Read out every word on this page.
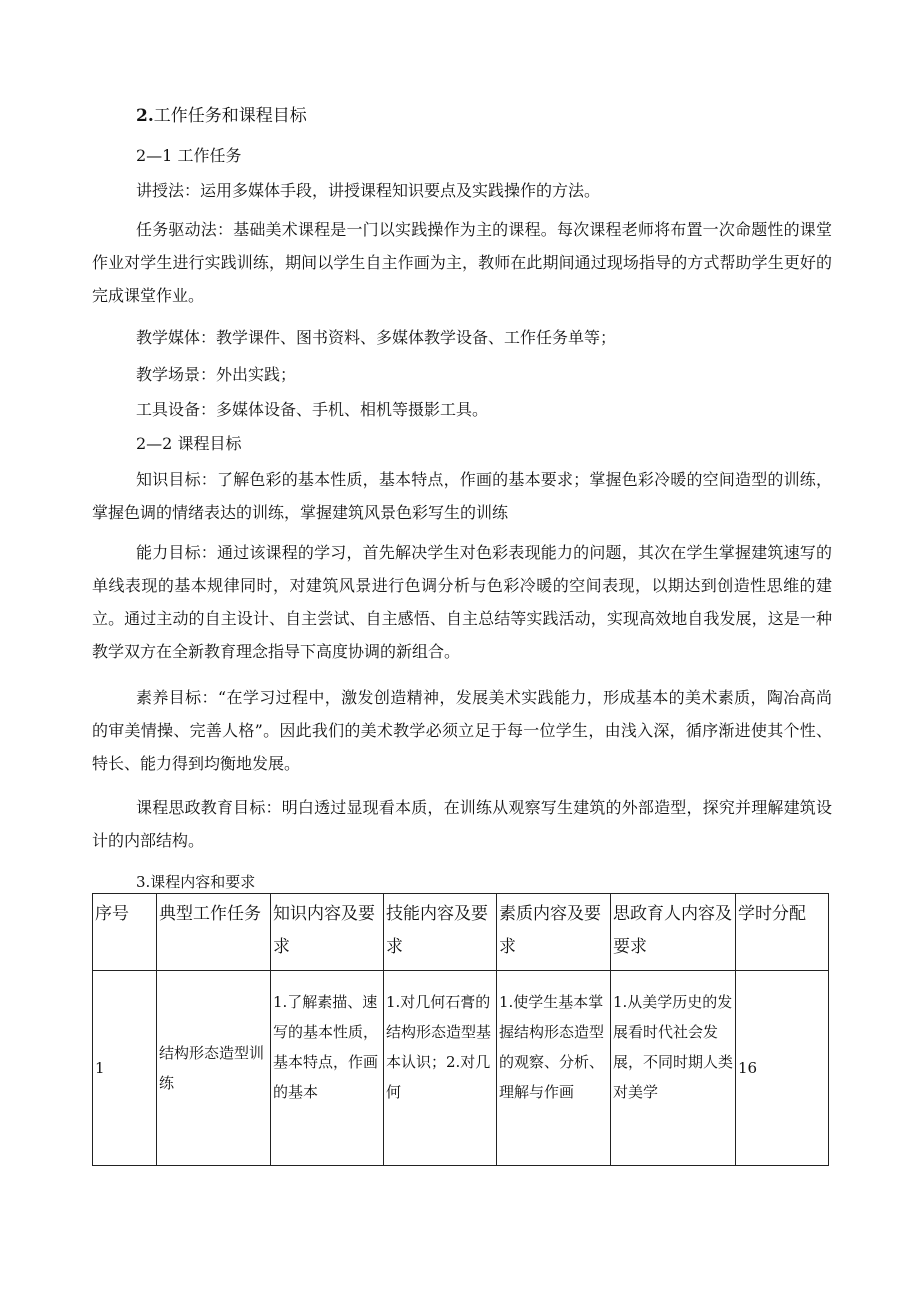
2.工作任务和课程目标
2—1 工作任务
讲授法：运用多媒体手段，讲授课程知识要点及实践操作的方法。
任务驱动法：基础美术课程是一门以实践操作为主的课程。每次课程老师将布置一次命题性的课堂作业对学生进行实践训练，期间以学生自主作画为主，教师在此期间通过现场指导的方式帮助学生更好的完成课堂作业。
教学媒体：教学课件、图书资料、多媒体教学设备、工作任务单等；
教学场景：外出实践；
工具设备：多媒体设备、手机、相机等摄影工具。
2—2 课程目标
知识目标：了解色彩的基本性质，基本特点，作画的基本要求；掌握色彩冷暖的空间造型的训练，掌握色调的情绪表达的训练，掌握建筑风景色彩写生的训练
能力目标：通过该课程的学习，首先解决学生对色彩表现能力的问题，其次在学生掌握建筑速写的单线表现的基本规律同时，对建筑风景进行色调分析与色彩冷暖的空间表现，以期达到创造性思维的建立。通过主动的自主设计、自主尝试、自主感悟、自主总结等实践活动，实现高效地自我发展，这是一种教学双方在全新教育理念指导下高度协调的新组合。
素养目标：“在学习过程中，激发创造精神，发展美术实践能力，形成基本的美术素质，陶冶高尚的审美情操、完善人格”。因此我们的美术教学必须立足于每一位学生，由浅入深，循序渐进使其个性、特长、能力得到均衡地发展。
课程思政教育目标：明白透过显现看本质，在训练从观察写生建筑的外部造型，探究并理解建筑设计的内部结构。
3.课程内容和要求
序号	典型工作任务	知识内容及要求	技能内容及要求	素质内容及要求	思政育人内容及要求	学时分配
1	结构形态造型训练	1.了解素描、速写的基本性质，基本特点，作画的基本	1.对几何石膏的结构形态造型基本认识；2.对几何	1.使学生基本掌握结构形态造型的观察、分析、理解与作画	1.从美学历史的发展看时代社会发展，不同时期人类对美学	16
